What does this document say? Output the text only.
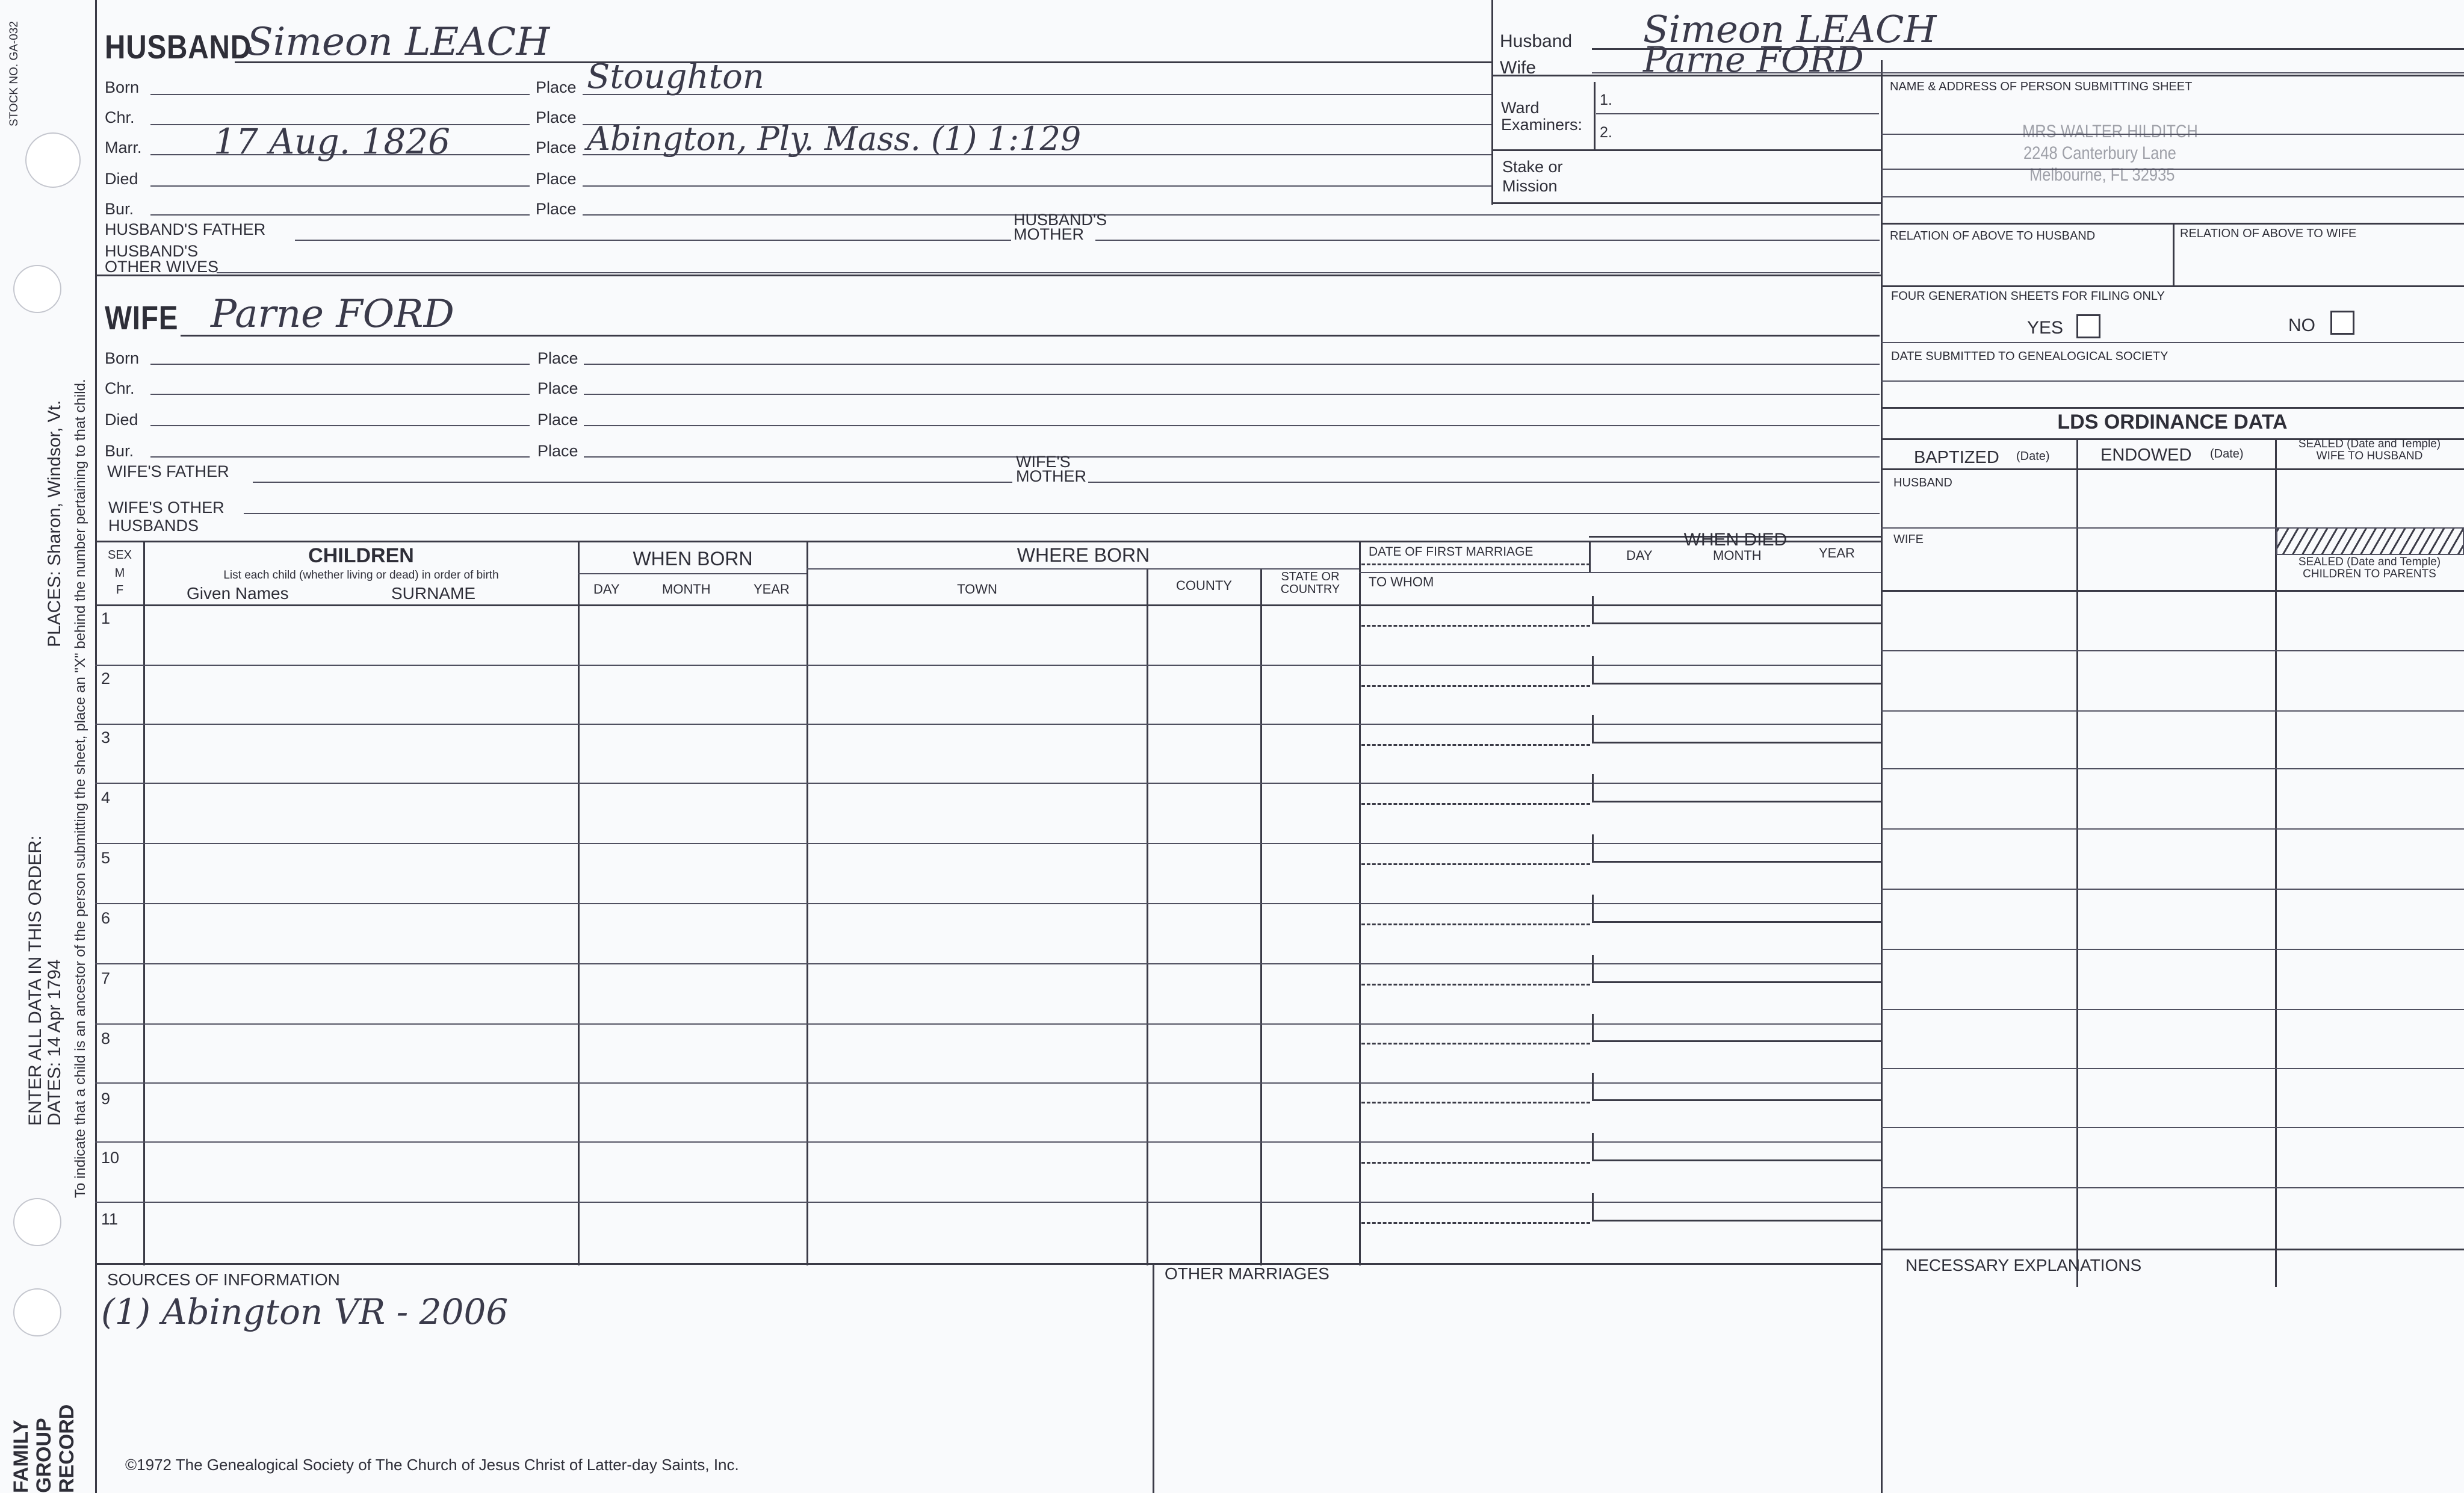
STOCK NO. GA-032
PLACES: Sharon, Windsor, Vt. To indicate that a child is an ancestor of the person submitting the sheet, place an "X" behind the number pertaining to that child.
ENTER ALL DATA IN THIS ORDER: DATES: 14 Apr 1794
FAMILY GROUP RECORD
HUSBAND
Simeon LEACH
Born	Place Stoughton
Chr.	Place
Marr. 17 Aug. 1826	Place Abington, Ply. Mass. (1) 1:129
Died	Place
Bur.	Place
HUSBAND'S FATHER
HUSBAND'S
MOTHER
HUSBAND'S
OTHER WIVES
WIFE Parne FORD
Born	Place
Chr.	Place
Died	Place
Bur.	Place
WIFE'S FATHER
WIFE'S
MOTHER
WIFE'S OTHER
HUSBANDS
Husband Simeon LEACH
Wife	Parne FORD
Ward
Examiners:
1.
2.
Stake or
Mission
NAME & ADDRESS OF PERSON SUBMITTING SHEET
MRS WALTER HILDITCH
2248 Canterbury Lane
Melbourne, FL 32935
RELATION OF ABOVE TO HUSBAND	RELATION OF ABOVE TO WIFE
FOUR GENERATION SHEETS FOR FILING ONLY
YES	NO
DATE SUBMITTED TO GENEALOGICAL SOCIETY
LDS ORDINANCE DATA
BAPTIZED (Date)	ENDOWED (Date)
SEALED (Date and Temple)
WIFE TO HUSBAND
HUSBAND
WIFE
SEALED (Date and Temple)
CHILDREN TO PARENTS
SEX
M
F
CHILDREN
List each child (whether living or dead) in order of birth
Given Names	SURNAME
WHEN BORN
DAY	MONTH	YEAR
WHERE BORN
TOWN	COUNTY
STATE OR
COUNTRY
DATE OF FIRST MARRIAGE
WHEN DIED
DAY	MONTH	YEAR
TO WHOM
1
2
3
4
5
6
7
8
9
10
11
SOURCES OF INFORMATION
(1) Abington VR - 2006
OTHER MARRIAGES	NECESSARY EXPLANATIONS
©1972 The Genealogical Society of The Church of Jesus Christ of Latter-day Saints, Inc.
